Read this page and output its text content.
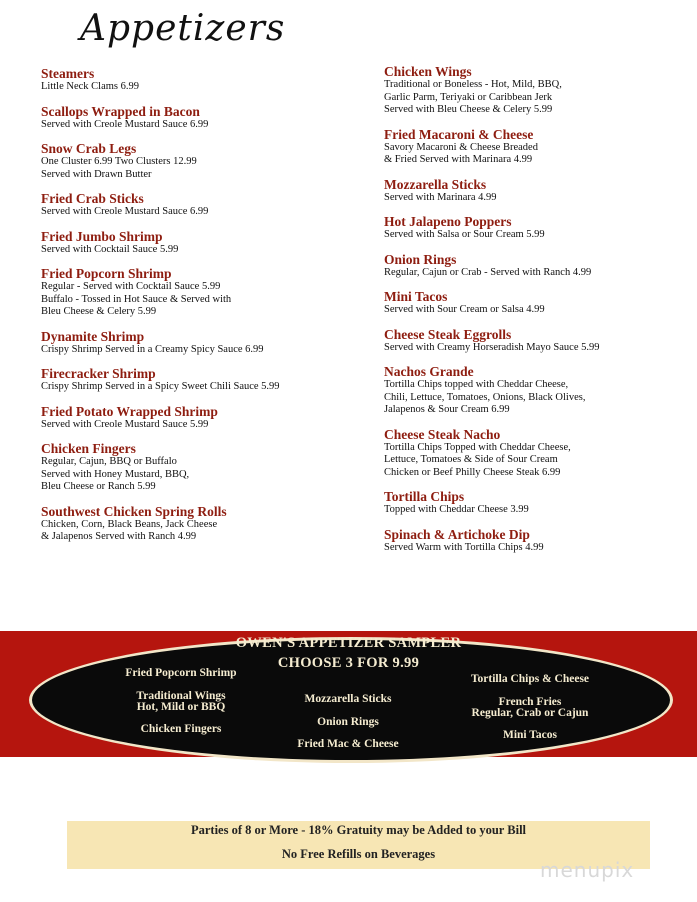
Appetizers
Steamers
Little Neck Clams 6.99
Scallops Wrapped in Bacon
Served with Creole Mustard Sauce 6.99
Snow Crab Legs
One Cluster 6.99 Two Clusters 12.99
Served with Drawn Butter
Fried Crab Sticks
Served with Creole Mustard Sauce 6.99
Fried Jumbo Shrimp
Served with Cocktail Sauce 5.99
Fried Popcorn Shrimp
Regular - Served with Cocktail Sauce 5.99
Buffalo - Tossed in Hot Sauce & Served with
Bleu Cheese & Celery 5.99
Dynamite Shrimp
Crispy Shrimp Served in a Creamy Spicy Sauce 6.99
Firecracker Shrimp
Crispy Shrimp Served in a Spicy Sweet Chili Sauce 5.99
Fried Potato Wrapped Shrimp
Served with Creole Mustard Sauce 5.99
Chicken Fingers
Regular, Cajun, BBQ or Buffalo
Served with Honey Mustard, BBQ,
Bleu Cheese or Ranch 5.99
Southwest Chicken Spring Rolls
Chicken, Corn, Black Beans, Jack Cheese
& Jalapenos Served with Ranch 4.99
Chicken Wings
Traditional or Boneless - Hot, Mild, BBQ,
Garlic Parm, Teriyaki or Caribbean Jerk
Served with Bleu Cheese & Celery 5.99
Fried Macaroni & Cheese
Savory Macaroni & Cheese Breaded
& Fried Served with Marinara 4.99
Mozzarella Sticks
Served with Marinara 4.99
Hot Jalapeno Poppers
Served with Salsa or Sour Cream 5.99
Onion Rings
Regular, Cajun or Crab - Served with Ranch 4.99
Mini Tacos
Served with Sour Cream or Salsa 4.99
Cheese Steak Eggrolls
Served with Creamy Horseradish Mayo Sauce 5.99
Nachos Grande
Tortilla Chips topped with Cheddar Cheese,
Chili, Lettuce, Tomatoes, Onions, Black Olives,
Jalapenos & Sour Cream 6.99
Cheese Steak Nacho
Tortilla Chips Topped with Cheddar Cheese,
Lettuce, Tomatoes & Side of Sour Cream
Chicken or Beef Philly Cheese Steak 6.99
Tortilla Chips
Topped with Cheddar Cheese 3.99
Spinach & Artichoke Dip
Served Warm with Tortilla Chips 4.99
OWEN'S APPETIZER SAMPLER
CHOOSE 3 FOR 9.99
Fried Popcorn Shrimp
Traditional Wings
Hot, Mild or BBQ
Chicken Fingers
Mozzarella Sticks
Onion Rings
Fried Mac & Cheese
Tortilla Chips & Cheese
French Fries
Regular, Crab or Cajun
Mini Tacos
Parties of 8 or More - 18% Gratuity may be Added to your Bill
No Free Refills on Beverages
menupix
